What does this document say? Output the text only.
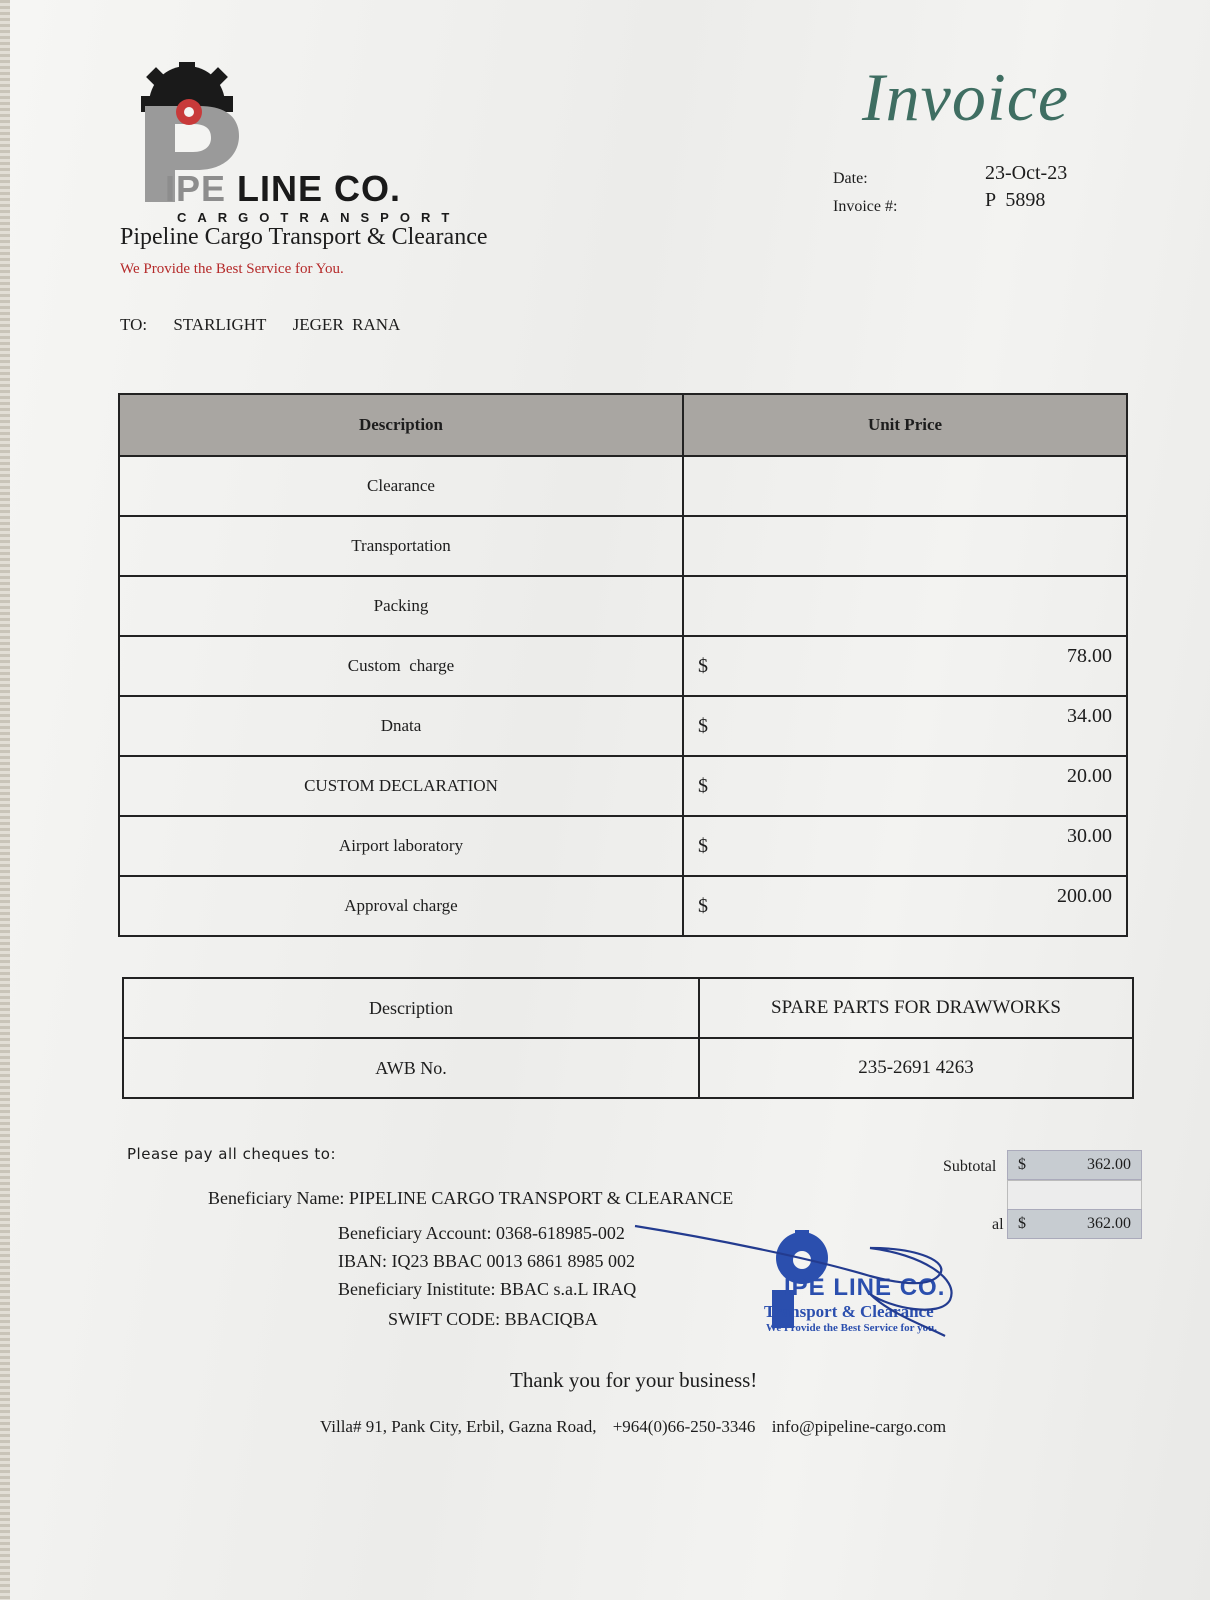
IPE LINE CO.
CARGOTRANSPORT
Pipeline Cargo Transport & Clearance
We Provide the Best Service for You.
Invoice
Date:	23-Oct-23
Invoice #:	P  5898
TO: STARLIGHT JEGER  RANA
Description	Unit Price
Clearance	

Transportation	

Packing	

Custom  charge	$ 78.00

Dnata	$ 34.00

CUSTOM DECLARATION	$ 20.00

Airport laboratory	$ 30.00

Approval charge	$ 200.00
Description	SPARE PARTS FOR DRAWWORKS
AWB No.	235-2691 4263
Please pay all cheques to:
Subtotal $	362.00
al $	362.00
Beneficiary Name: PIPELINE CARGO TRANSPORT & CLEARANCE
Beneficiary Account: 0368-618985-002
IBAN: IQ23 BBAC 0013 6861 8985 002
Beneficiary Inistitute: BBAC s.a.L IRAQ
SWIFT CODE: BBACIQBA
IPE LINE CO.
Transport & Clearance
We Provide the Best Service for you.
Thank you for your business!
Villa# 91, Pank City, Erbil, Gazna Road, +964(0)66-250-3346 info@pipeline-cargo.com
